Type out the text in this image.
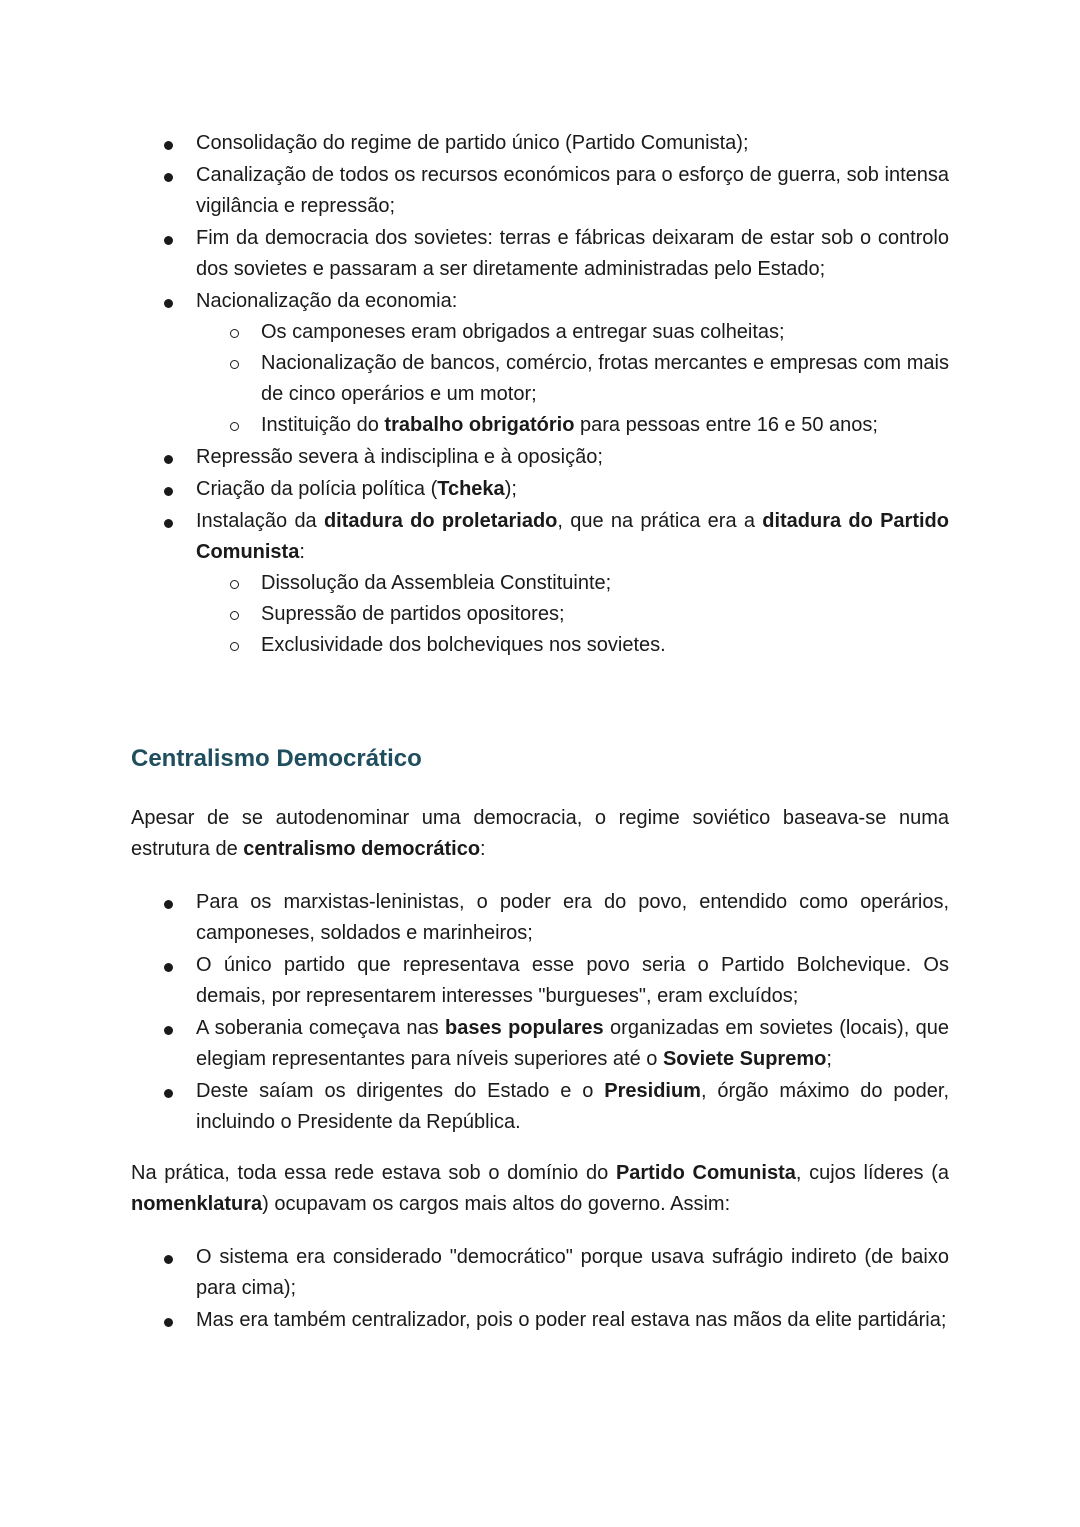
Consolidação do regime de partido único (Partido Comunista);
Canalização de todos os recursos económicos para o esforço de guerra, sob intensa vigilância e repressão;
Fim da democracia dos sovietes: terras e fábricas deixaram de estar sob o controlo dos sovietes e passaram a ser diretamente administradas pelo Estado;
Nacionalização da economia:
Os camponeses eram obrigados a entregar suas colheitas;
Nacionalização de bancos, comércio, frotas mercantes e empresas com mais de cinco operários e um motor;
Instituição do trabalho obrigatório para pessoas entre 16 e 50 anos;
Repressão severa à indisciplina e à oposição;
Criação da polícia política (Tcheka);
Instalação da ditadura do proletariado, que na prática era a ditadura do Partido Comunista:
Dissolução da Assembleia Constituinte;
Supressão de partidos opositores;
Exclusividade dos bolcheviques nos sovietes.
Centralismo Democrático

Apesar de se autodenominar uma democracia, o regime soviético baseava-se numa estrutura de centralismo democrático:

Para os marxistas-leninistas, o poder era do povo, entendido como operários, camponeses, soldados e marinheiros;
O único partido que representava esse povo seria o Partido Bolchevique. Os demais, por representarem interesses "burgueses", eram excluídos;
A soberania começava nas bases populares organizadas em sovietes (locais), que elegiam representantes para níveis superiores até o Soviete Supremo;
Deste saíam os dirigentes do Estado e o Presidium, órgão máximo do poder, incluindo o Presidente da República.

Na prática, toda essa rede estava sob o domínio do Partido Comunista, cujos líderes (a nomenklatura) ocupavam os cargos mais altos do governo. Assim:

O sistema era considerado "democrático" porque usava sufrágio indireto (de baixo para cima);
Mas era também centralizador, pois o poder real estava nas mãos da elite partidária;
